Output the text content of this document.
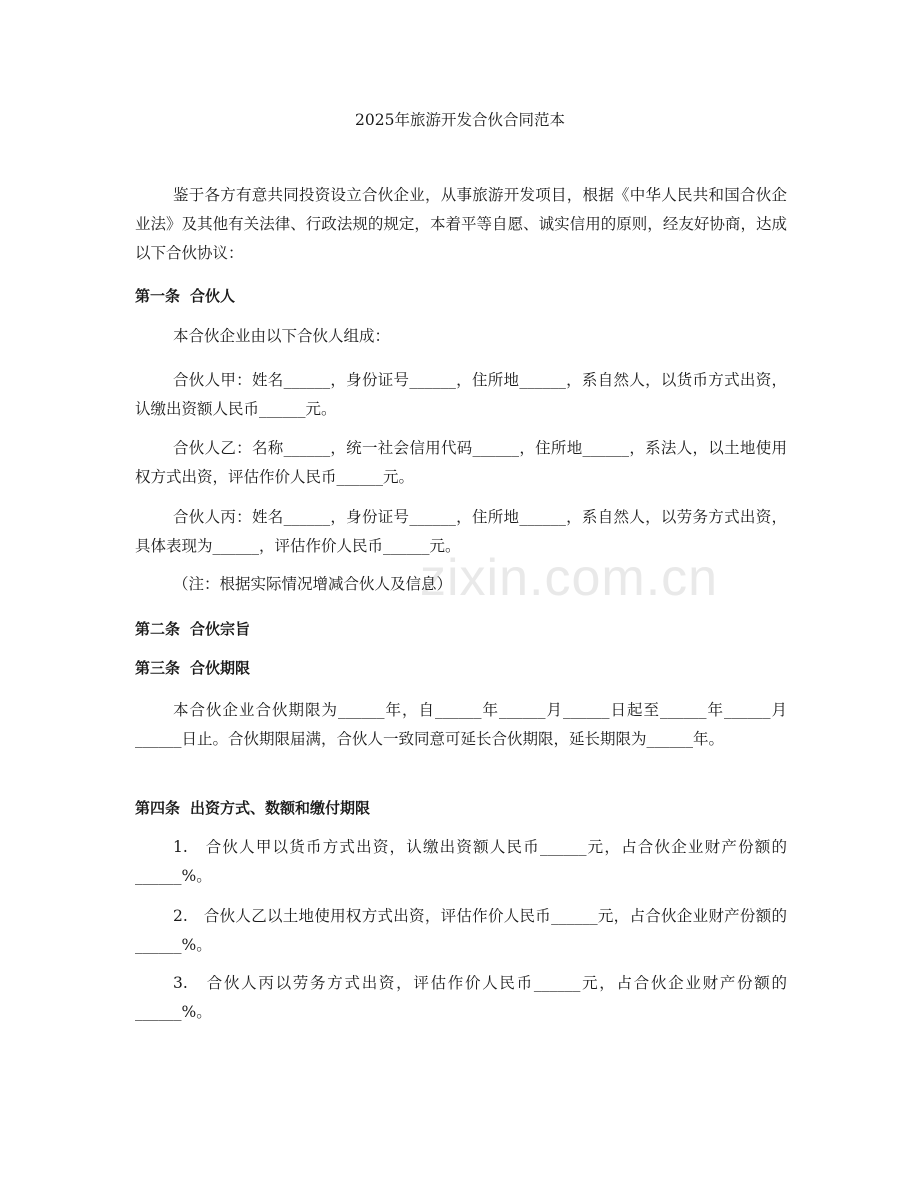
zixin.com.cn
2025年旅游开发合伙合同范本

鉴于各方有意共同投资设立合伙企业，从事旅游开发项目，根据《中华人民共和国合伙企业法》及其他有关法律、行政法规的规定，本着平等自愿、诚实信用的原则，经友好协商，达成以下合伙协议：

第一条 合伙人

本合伙企业由以下合伙人组成：

合伙人甲：姓名______，身份证号______，住所地______，系自然人，以货币方式出资，认缴出资额人民币______元。

合伙人乙：名称______，统一社会信用代码______，住所地______，系法人，以土地使用权方式出资，评估作价人民币______元。

合伙人丙：姓名______，身份证号______，住所地______，系自然人，以劳务方式出资，具体表现为______，评估作价人民币______元。

（注：根据实际情况增减合伙人及信息）

第二条 合伙宗旨
第三条 合伙期限

本合伙企业合伙期限为______年，自______年______月______日起至______年______月______日止。合伙期限届满，合伙人一致同意可延长合伙期限，延长期限为______年。

第四条 出资方式、数额和缴付期限

1.　合伙人甲以货币方式出资，认缴出资额人民币______元，占合伙企业财产份额的______%。

2.　合伙人乙以土地使用权方式出资，评估作价人民币______元，占合伙企业财产份额的______%。

3.　合伙人丙以劳务方式出资，评估作价人民币______元，占合伙企业财产份额的______%。
